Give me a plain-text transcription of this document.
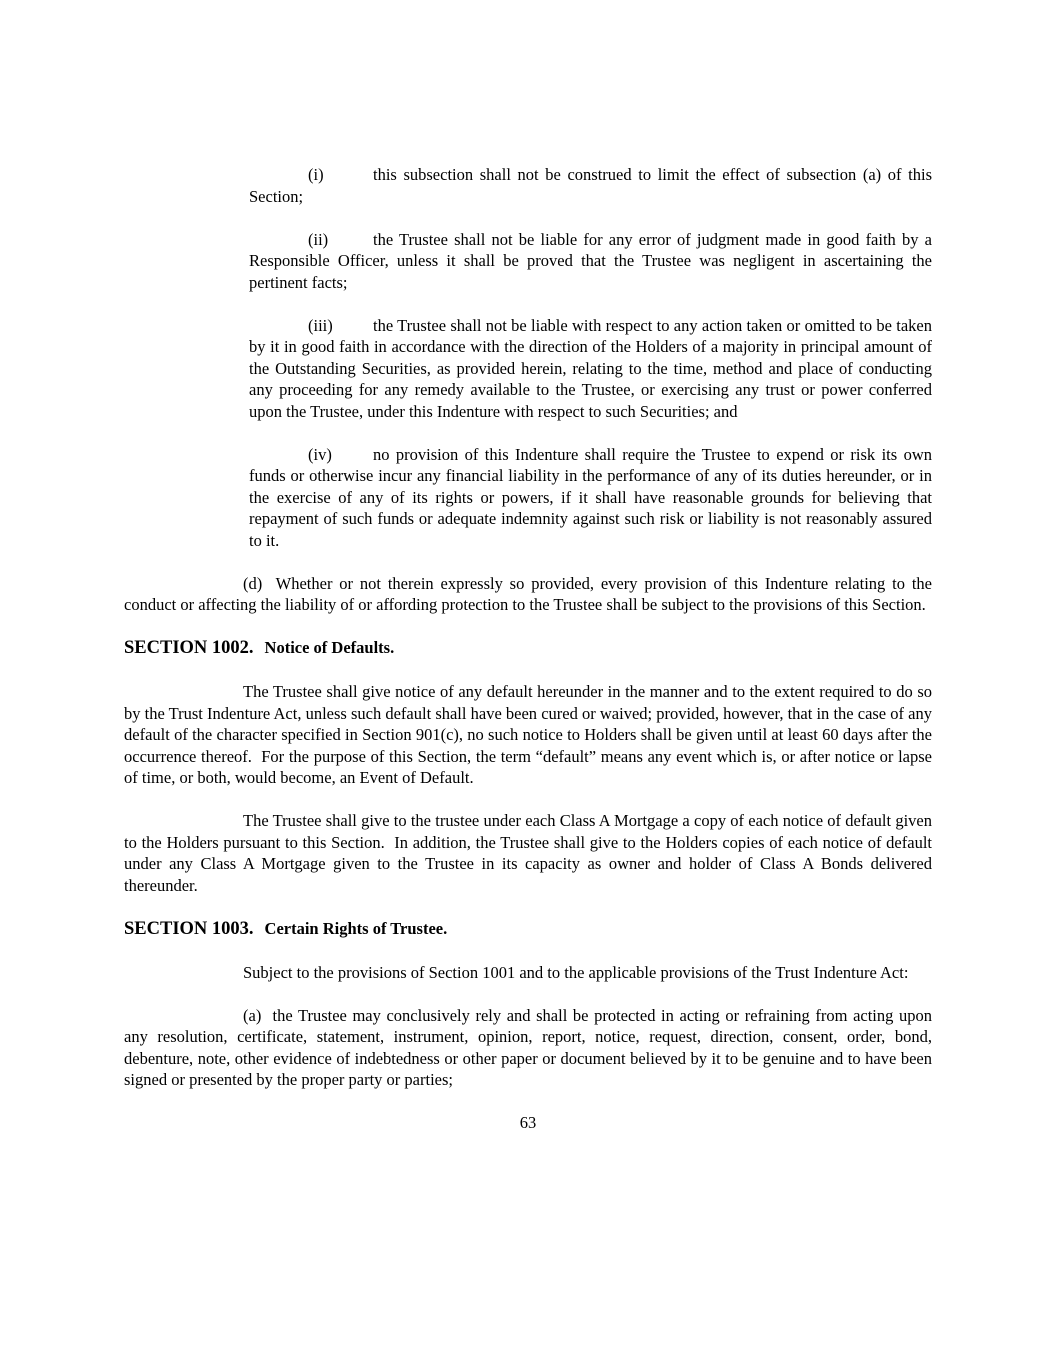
(i)	this subsection shall not be construed to limit the effect of subsection (a) of this Section;

(ii)	the Trustee shall not be liable for any error of judgment made in good faith by a Responsible Officer, unless it shall be proved that the Trustee was negligent in ascertaining the pertinent facts;

(iii) the Trustee shall not be liable with respect to any action taken or omitted to be taken by it in good faith in accordance with the direction of the Holders of a majority in principal amount of the Outstanding Securities, as provided herein, relating to the time, method and place of conducting any proceeding for any remedy available to the Trustee, or exercising any trust or power conferred upon the Trustee, under this Indenture with respect to such Securities; and

(iv) no provision of this Indenture shall require the Trustee to expend or risk its own funds or otherwise incur any financial liability in the performance of any of its duties hereunder, or in the exercise of any of its rights or powers, if it shall have reasonable grounds for believing that repayment of such funds or adequate indemnity against such risk or liability is not reasonably assured to it.

(d)  Whether or not therein expressly so provided, every provision of this Indenture relating to the conduct or affecting the liability of or affording protection to the Trustee shall be subject to the provisions of this Section.

SECTION 1002. Notice of Defaults.

The Trustee shall give notice of any default hereunder in the manner and to the extent required to do so by the Trust Indenture Act, unless such default shall have been cured or waived; provided, however, that in the case of any default of the character specified in Section 901(c), no such notice to Holders shall be given until at least 60 days after the occurrence thereof.  For the purpose of this Section, the term “default” means any event which is, or after notice or lapse of time, or both, would become, an Event of Default.

The Trustee shall give to the trustee under each Class A Mortgage a copy of each notice of default given to the Holders pursuant to this Section.  In addition, the Trustee shall give to the Holders copies of each notice of default under any Class A Mortgage given to the Trustee in its capacity as owner and holder of Class A Bonds delivered thereunder.

SECTION 1003. Certain Rights of Trustee.

Subject to the provisions of Section 1001 and to the applicable provisions of the Trust Indenture Act:

(a)  the Trustee may conclusively rely and shall be protected in acting or refraining from acting upon any resolution, certificate, statement, instrument, opinion, report, notice, request, direction, consent, order, bond, debenture, note, other evidence of indebtedness or other paper or document believed by it to be genuine and to have been signed or presented by the proper party or parties;

63
